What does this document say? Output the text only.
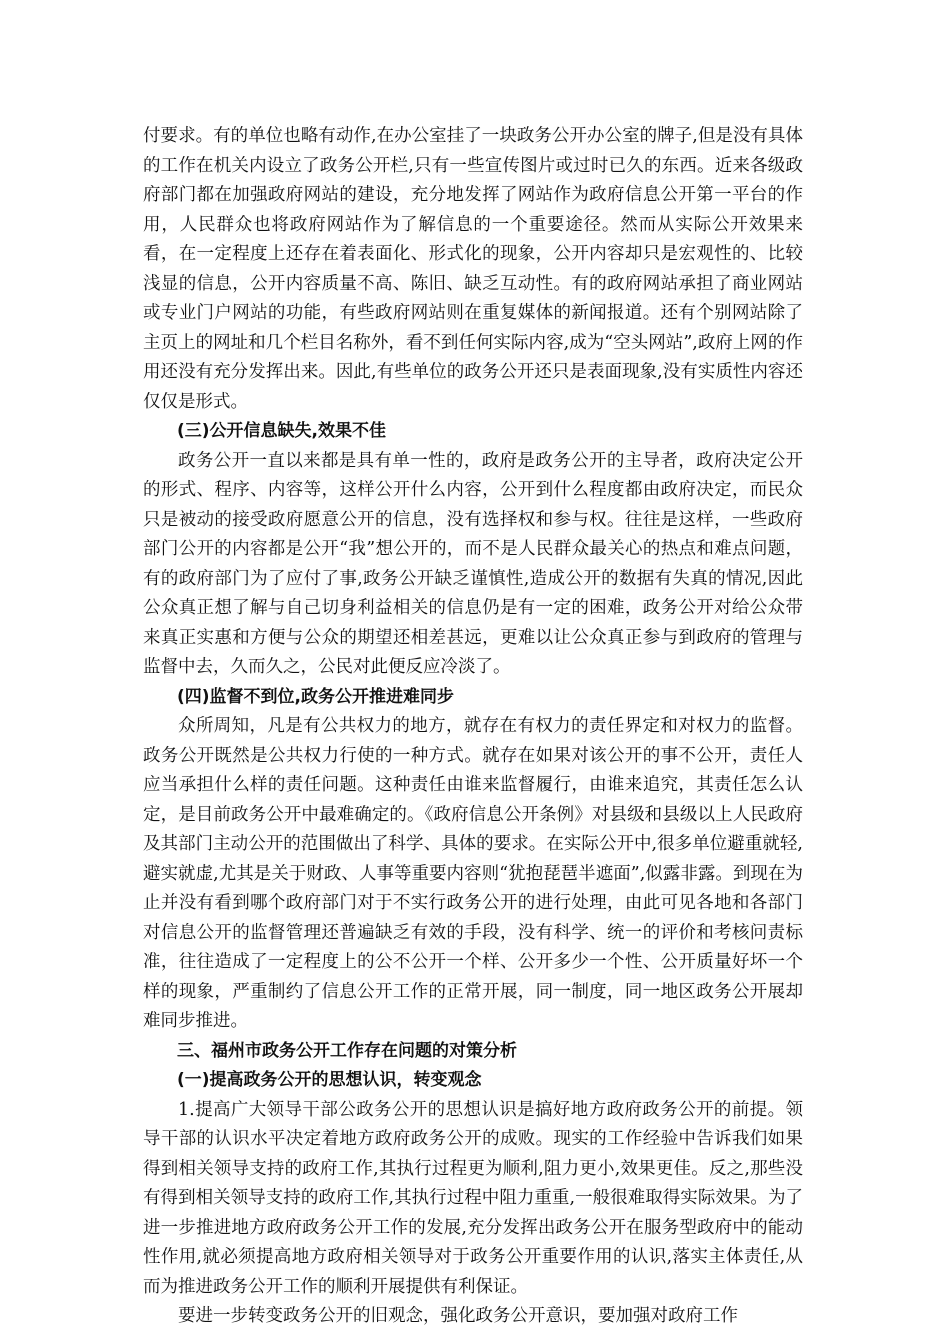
付要求。有的单位也略有动作,在办公室挂了一块政务公开办公室的牌子,但是没有具体的工作在机关内设立了政务公开栏,只有一些宣传图片或过时已久的东西。近来各级政府部门都在加强政府网站的建设，充分地发挥了网站作为政府信息公开第一平台的作用，人民群众也将政府网站作为了解信息的一个重要途径。然而从实际公开效果来看，在一定程度上还存在着表面化、形式化的现象，公开内容却只是宏观性的、比较浅显的信息，公开内容质量不高、陈旧、缺乏互动性。有的政府网站承担了商业网站或专业门户网站的功能，有些政府网站则在重复媒体的新闻报道。还有个别网站除了主页上的网址和几个栏目名称外，看不到任何实际内容,成为“空头网站”,政府上网的作用还没有充分发挥出来。因此,有些单位的政务公开还只是表面现象,没有实质性内容还仅仅是形式。

(三)公开信息缺失,效果不佳

政务公开一直以来都是具有单一性的，政府是政务公开的主导者，政府决定公开的形式、程序、内容等，这样公开什么内容，公开到什么程度都由政府决定，而民众只是被动的接受政府愿意公开的信息，没有选择权和参与权。往往是这样，一些政府部门公开的内容都是公开“我”想公开的，而不是人民群众最关心的热点和难点问题，有的政府部门为了应付了事,政务公开缺乏谨慎性,造成公开的数据有失真的情况,因此公众真正想了解与自己切身利益相关的信息仍是有一定的困难，政务公开对给公众带来真正实惠和方便与公众的期望还相差甚远，更难以让公众真正参与到政府的管理与监督中去，久而久之，公民对此便反应冷淡了。

(四)监督不到位,政务公开推进难同步

众所周知，凡是有公共权力的地方，就存在有权力的责任界定和对权力的监督。政务公开既然是公共权力行使的一种方式。就存在如果对该公开的事不公开，责任人应当承担什么样的责任问题。这种责任由谁来监督履行，由谁来追究，其责任怎么认定，是目前政务公开中最难确定的。《政府信息公开条例》对县级和县级以上人民政府及其部门主动公开的范围做出了科学、具体的要求。在实际公开中,很多单位避重就轻,避实就虚,尤其是关于财政、人事等重要内容则“犹抱琵琶半遮面”,似露非露。到现在为止并没有看到哪个政府部门对于不实行政务公开的进行处理，由此可见各地和各部门对信息公开的监督管理还普遍缺乏有效的手段，没有科学、统一的评价和考核问责标准，往往造成了一定程度上的公不公开一个样、公开多少一个性、公开质量好坏一个样的现象，严重制约了信息公开工作的正常开展，同一制度，同一地区政务公开展却难同步推进。

三、福州市政务公开工作存在问题的对策分析

(一)提高政务公开的思想认识，转变观念

1.提高广大领导干部公政务公开的思想认识是搞好地方政府政务公开的前提。领导干部的认识水平决定着地方政府政务公开的成败。现实的工作经验中告诉我们如果得到相关领导支持的政府工作,其执行过程更为顺利,阻力更小,效果更佳。反之,那些没有得到相关领导支持的政府工作,其执行过程中阻力重重,一般很难取得实际效果。为了进一步推进地方政府政务公开工作的发展,充分发挥出政务公开在服务型政府中的能动性作用,就必须提高地方政府相关领导对于政务公开重要作用的认识,落实主体责任,从而为推进政务公开工作的顺利开展提供有利保证。

要进一步转变政务公开的旧观念，强化政务公开意识，要加强对政府工作
